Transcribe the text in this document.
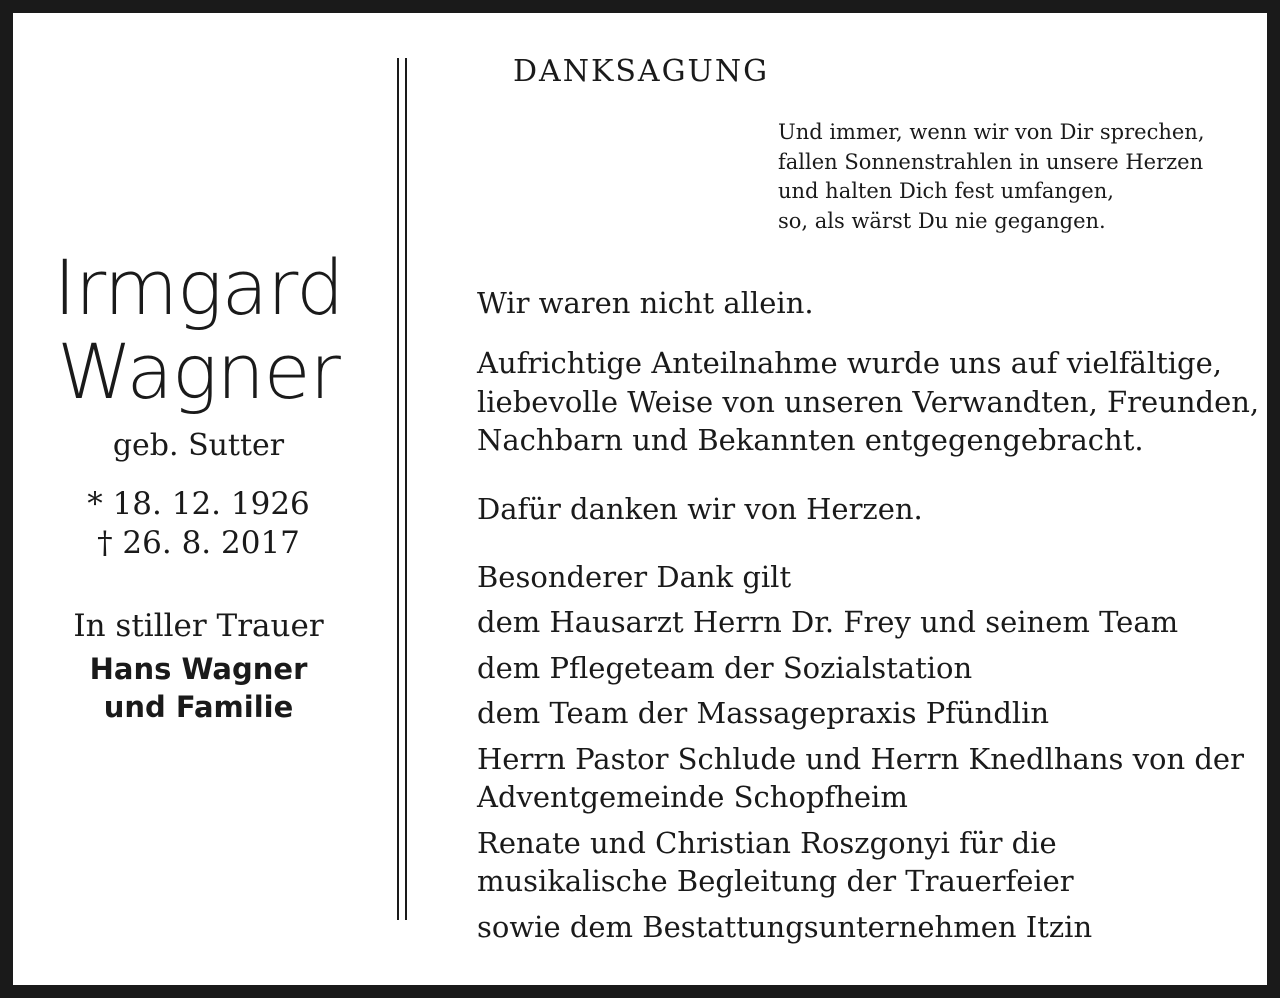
Irmgard
Wagner
geb. Sutter
* 18. 12. 1926
† 26. 8. 2017
In stiller Trauer
Hans Wagner
und Familie
DANKSAGUNG
Und immer, wenn wir von Dir sprechen,
fallen Sonnenstrahlen in unsere Herzen
und halten Dich fest umfangen,
so, als wärst Du nie gegangen.
Wir waren nicht allein.
Aufrichtige Anteilnahme wurde uns auf vielfältige,
liebevolle Weise von unseren Verwandten, Freunden,
Nachbarn und Bekannten entgegengebracht.
Dafür danken wir von Herzen.
Besonderer Dank gilt
dem Hausarzt Herrn Dr. Frey und seinem Team
dem Pflegeteam der Sozialstation
dem Team der Massagepraxis Pfündlin
Herrn Pastor Schlude und Herrn Knedlhans von der
Adventgemeinde Schopfheim
Renate und Christian Roszgonyi für die
musikalische Begleitung der Trauerfeier
sowie dem Bestattungsunternehmen Itzin
